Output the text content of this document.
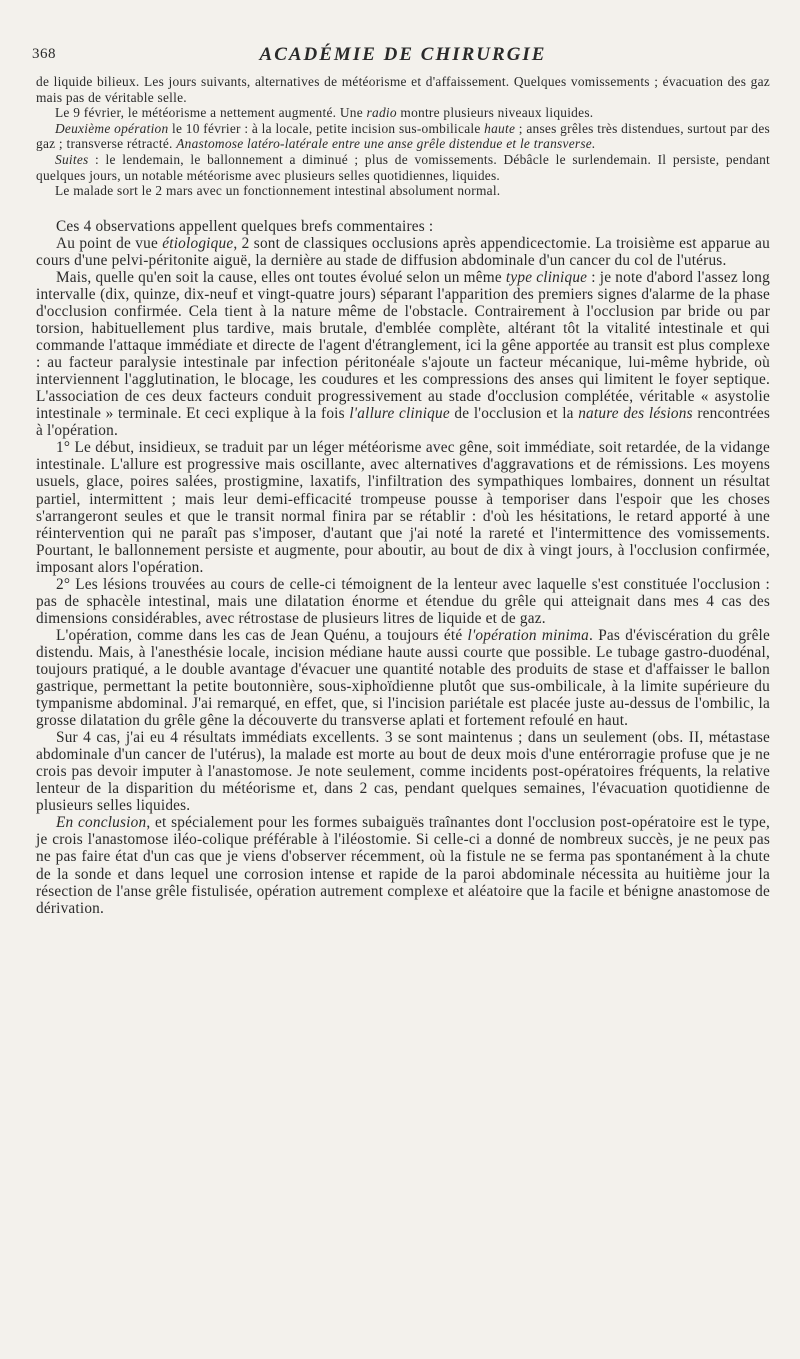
368	ACADÉMIE DE CHIRURGIE

de liquide bilieux. Les jours suivants, alternatives de météorisme et d'affaissement. Quelques vomissements ; évacuation des gaz mais pas de véritable selle.

Le 9 février, le météorisme a nettement augmenté. Une radio montre plusieurs niveaux liquides.

Deuxième opération le 10 février : à la locale, petite incision sus-ombilicale haute ; anses grêles très distendues, surtout par des gaz ; transverse rétracté. Anastomose latéro-latérale entre une anse grêle distendue et le transverse.

Suites : le lendemain, le ballonnement a diminué ; plus de vomissements. Débâcle le surlendemain. Il persiste, pendant quelques jours, un notable météorisme avec plusieurs selles quotidiennes, liquides.

Le malade sort le 2 mars avec un fonctionnement intestinal absolument normal.

Ces 4 observations appellent quelques brefs commentaires :

Au point de vue étiologique, 2 sont de classiques occlusions après appendicectomie. La troisième est apparue au cours d'une pelvi-péritonite aiguë, la dernière au stade de diffusion abdominale d'un cancer du col de l'utérus.

Mais, quelle qu'en soit la cause, elles ont toutes évolué selon un même type clinique : je note d'abord l'assez long intervalle (dix, quinze, dix-neuf et vingt-quatre jours) séparant l'apparition des premiers signes d'alarme de la phase d'occlusion confirmée. Cela tient à la nature même de l'obstacle. Contrairement à l'occlusion par bride ou par torsion, habituellement plus tardive, mais brutale, d'emblée complète, altérant tôt la vitalité intestinale et qui commande l'attaque immédiate et directe de l'agent d'étranglement, ici la gêne apportée au transit est plus complexe : au facteur paralysie intestinale par infection péritonéale s'ajoute un facteur mécanique, lui-même hybride, où interviennent l'agglutination, le blocage, les coudures et les compressions des anses qui limitent le foyer septique. L'association de ces deux facteurs conduit progressivement au stade d'occlusion complétée, véritable « asystolie intestinale » terminale. Et ceci explique à la fois l'allure clinique de l'occlusion et la nature des lésions rencontrées à l'opération.

1° Le début, insidieux, se traduit par un léger météorisme avec gêne, soit immédiate, soit retardée, de la vidange intestinale. L'allure est progressive mais oscillante, avec alternatives d'aggravations et de rémissions. Les moyens usuels, glace, poires salées, prostigmine, laxatifs, l'infiltration des sympathiques lombaires, donnent un résultat partiel, intermittent ; mais leur demi-efficacité trompeuse pousse à temporiser dans l'espoir que les choses s'arrangeront seules et que le transit normal finira par se rétablir : d'où les hésitations, le retard apporté à une réintervention qui ne paraît pas s'imposer, d'autant que j'ai noté la rareté et l'intermittence des vomissements. Pourtant, le ballonnement persiste et augmente, pour aboutir, au bout de dix à vingt jours, à l'occlusion confirmée, imposant alors l'opération.

2° Les lésions trouvées au cours de celle-ci témoignent de la lenteur avec laquelle s'est constituée l'occlusion : pas de sphacèle intestinal, mais une dilatation énorme et étendue du grêle qui atteignait dans mes 4 cas des dimensions considérables, avec rétrostase de plusieurs litres de liquide et de gaz.

L'opération, comme dans les cas de Jean Quénu, a toujours été l'opération minima. Pas d'éviscération du grêle distendu. Mais, à l'anesthésie locale, incision médiane haute aussi courte que possible. Le tubage gastro-duodénal, toujours pratiqué, a le double avantage d'évacuer une quantité notable des produits de stase et d'affaisser le ballon gastrique, permettant la petite boutonnière, sous-xiphoïdienne plutôt que sus-ombilicale, à la limite supérieure du tympanisme abdominal. J'ai remarqué, en effet, que, si l'incision pariétale est placée juste au-dessus de l'ombilic, la grosse dilatation du grêle gêne la découverte du transverse aplati et fortement refoulé en haut.

Sur 4 cas, j'ai eu 4 résultats immédiats excellents. 3 se sont maintenus ; dans un seulement (obs. II, métastase abdominale d'un cancer de l'utérus), la malade est morte au bout de deux mois d'une entérorragie profuse que je ne crois pas devoir imputer à l'anastomose. Je note seulement, comme incidents post-opératoires fréquents, la relative lenteur de la disparition du météorisme et, dans 2 cas, pendant quelques semaines, l'évacuation quotidienne de plusieurs selles liquides.

En conclusion, et spécialement pour les formes subaiguës traînantes dont l'occlusion post-opératoire est le type, je crois l'anastomose iléo-colique préférable à l'iléostomie. Si celle-ci a donné de nombreux succès, je ne peux pas ne pas faire état d'un cas que je viens d'observer récemment, où la fistule ne se ferma pas spontanément à la chute de la sonde et dans lequel une corrosion intense et rapide de la paroi abdominale nécessita au huitième jour la résection de l'anse grêle fistulisée, opération autrement complexe et aléatoire que la facile et bénigne anastomose de dérivation.
